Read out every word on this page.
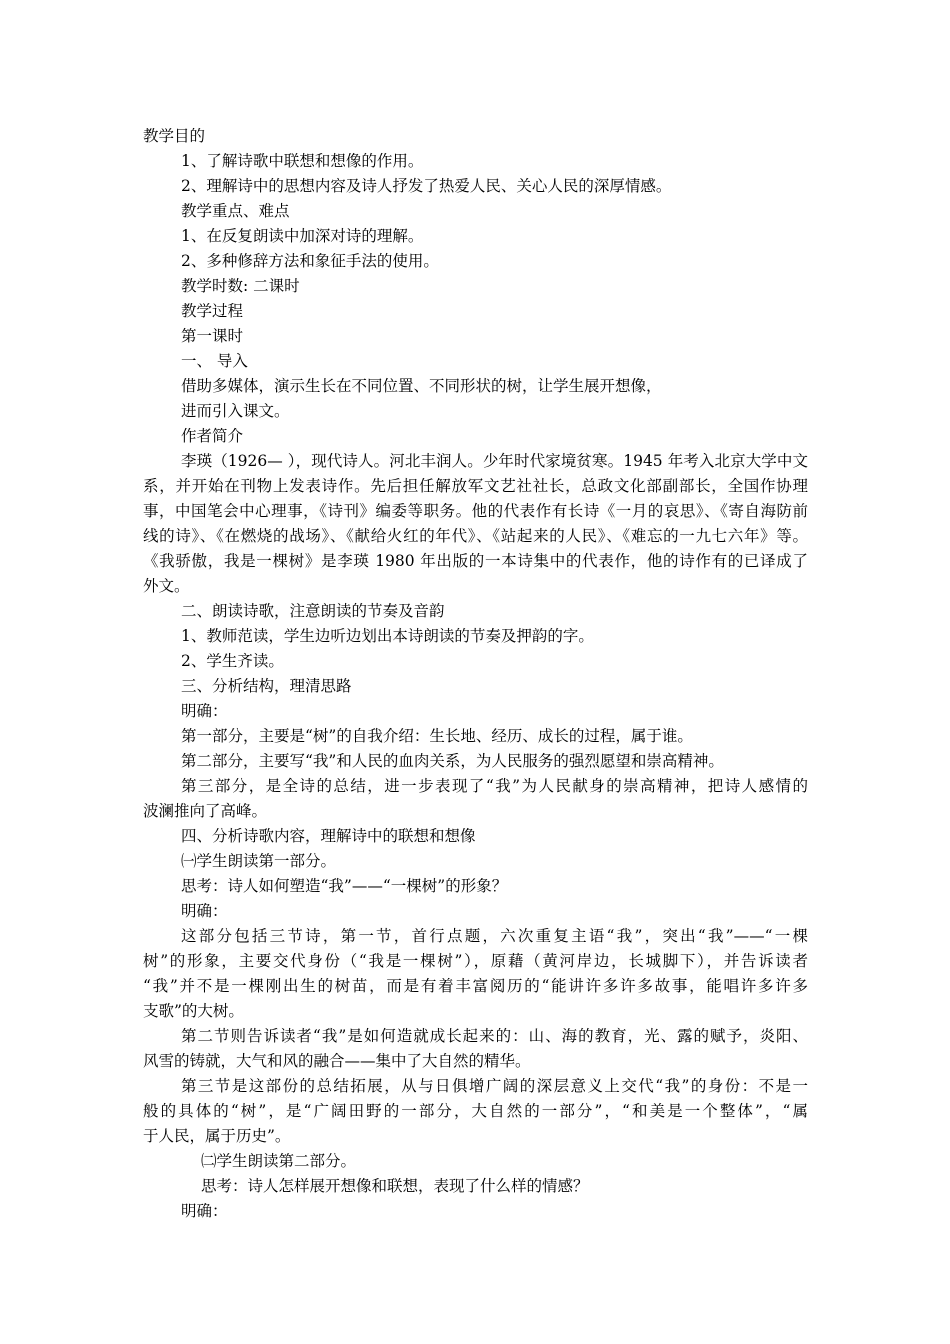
教学目的

1、了解诗歌中联想和想像的作用。

2、理解诗中的思想内容及诗人抒发了热爱人民、关心人民的深厚情感。

教学重点、难点

1、在反复朗读中加深对诗的理解。

2、多种修辞方法和象征手法的使用。

教学时数: 二课时

教学过程

第一课时

一、 导入

借助多媒体，演示生长在不同位置、不同形状的树，让学生展开想像，

进而引入课文。

作者简介

李瑛（1926— ），现代诗人。河北丰润人。少年时代家境贫寒。1945 年考入北京大学中文
系，并开始在刊物上发表诗作。先后担任解放军文艺社社长，总政文化部副部长，全国作协理
事，中国笔会中心理事，《诗刊》编委等职务。他的代表作有长诗《一月的哀思》、《寄自海防前
线的诗》、《在燃烧的战场》、《献给火红的年代》、《站起来的人民》、《难忘的一九七六年》等。
《我骄傲，我是一棵树》是李瑛 1980 年出版的一本诗集中的代表作，他的诗作有的已译成了
外文。

二、朗读诗歌，注意朗读的节奏及音韵

1、教师范读，学生边听边划出本诗朗读的节奏及押韵的字。

2、学生齐读。

三、分析结构，理清思路

明确：

第一部分，主要是“树”的自我介绍：生长地、经历、成长的过程，属于谁。

第二部分，主要写“我”和人民的血肉关系，为人民服务的强烈愿望和崇高精神。

第三部分，是全诗的总结，进一步表现了“我”为人民献身的崇高精神，把诗人感情的
波澜推向了高峰。

四、分析诗歌内容，理解诗中的联想和想像

㈠学生朗读第一部分。

思考：诗人如何塑造“我”——“一棵树”的形象？

明确：

这部分包括三节诗，第一节，首行点题，六次重复主语“我”，突出“我”——“一棵
树”的形象，主要交代身份（“我是一棵树”），原藉（黄河岸边，长城脚下），并告诉读者
“我”并不是一棵刚出生的树苗，而是有着丰富阅历的“能讲许多许多故事，能唱许多许多
支歌”的大树。
第二节则告诉读者“我”是如何造就成长起来的：山、海的教育，光、露的赋予，炎阳、
风雪的铸就，大气和风的融合——集中了大自然的精华。
第三节是这部份的总结拓展，从与日俱增广阔的深层意义上交代“我”的身份：不是一
般的具体的“树”，是“广阔田野的一部分，大自然的一部分”，“和美是一个整体”，“属
于人民，属于历史”。

㈡学生朗读第二部分。

思考：诗人怎样展开想像和联想，表现了什么样的情感？

明确：
